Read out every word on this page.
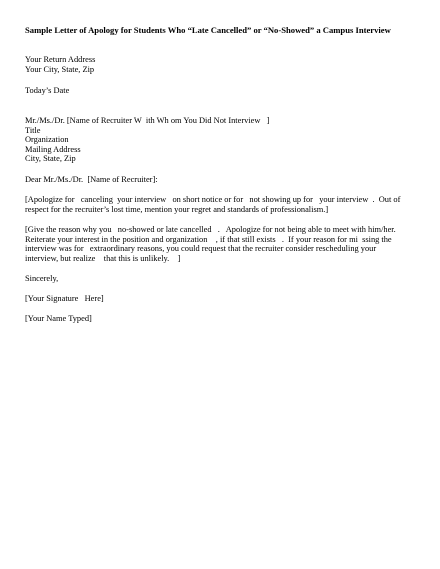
Sample Letter of Apology for Students Who “Late Cancelled” or “No-Showed” a Campus Interview
Your Return Address
Your City, State, Zip
Today’s Date
Mr./Ms./Dr. [Name of Recruiter W  ith Wh om You Did Not Interview   ]
Title
Organization
Mailing Address
City, State, Zip
Dear Mr./Ms./Dr.  [Name of Recruiter]:
[Apologize for   canceling  your interview   on short notice or for   not showing up for   your interview  .  Out of
respect for the recruiter’s lost time, mention your regret and standards of professionalism.]
[Give the reason why you   no-showed or late cancelled   .   Apologize for not being able to meet with him/her.
Reiterate your interest in the position and organization    , if that still exists   .  If your reason for mi  ssing the
interview was for   extraordinary reasons, you could request that the recruiter consider rescheduling your
interview, but realize    that this is unlikely.    ]
Sincerely,
[Your Signature   Here]
[Your Name Typed]
